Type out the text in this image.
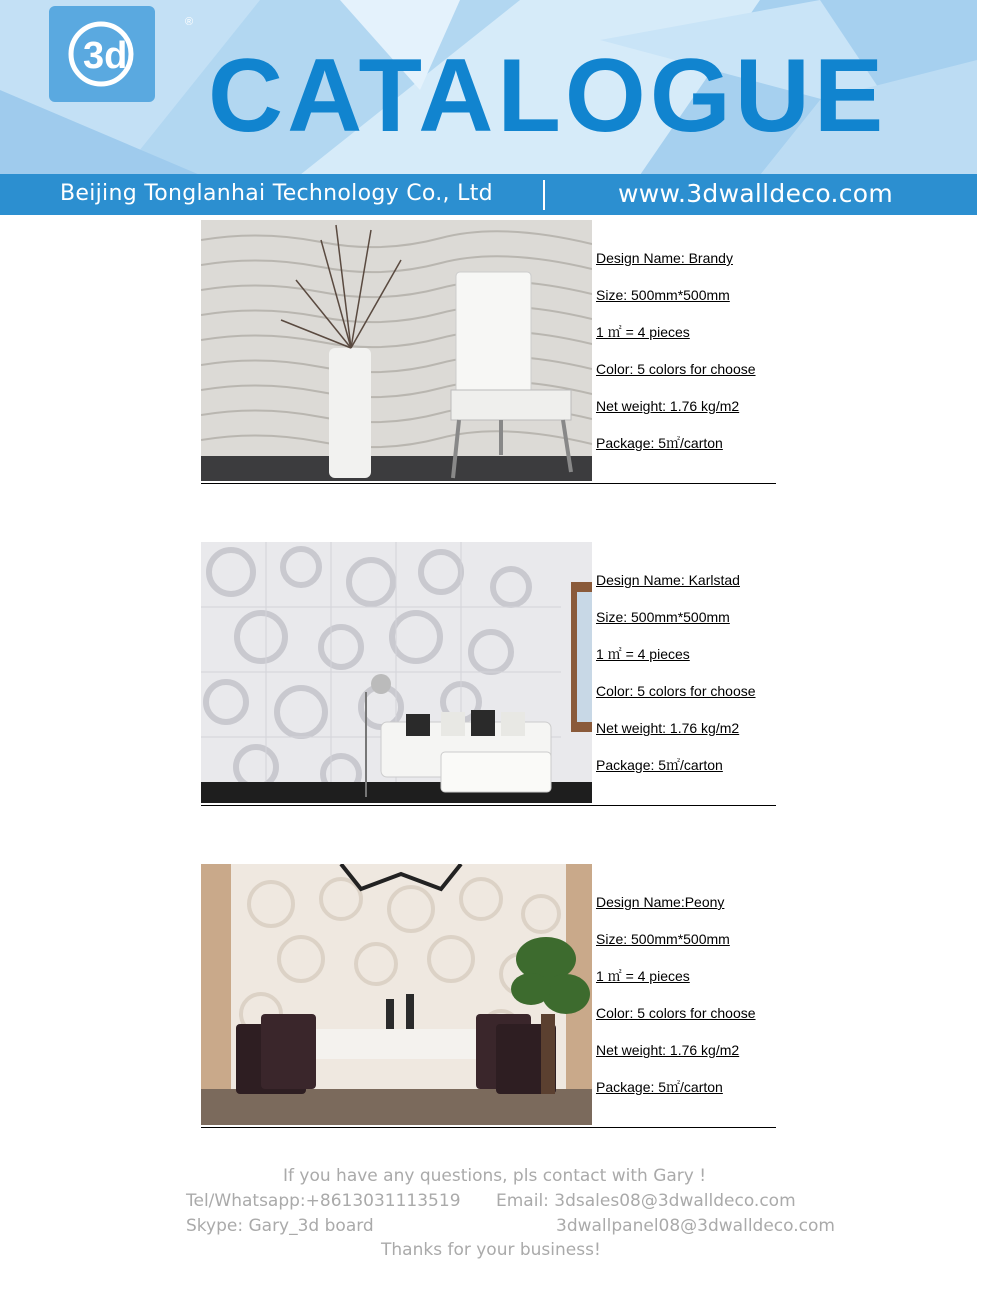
3d
®
CATALOGUE
Beijing Tonglanhai Technology Co., Ltd	www.3dwalldeco.com
Design Name: Brandy
Size: 500mm*500mm
1 ㎡ = 4 pieces
Color: 5 colors for choose
Net weight: 1.76 kg/m2
Package: 5㎡/carton
Design Name: Karlstad
Size: 500mm*500mm
1 ㎡ = 4 pieces
Color: 5 colors for choose
Net weight: 1.76 kg/m2
Package: 5㎡/carton
Design Name:Peony
Size: 500mm*500mm
1 ㎡ = 4 pieces
Color: 5 colors for choose
Net weight: 1.76 kg/m2
Package: 5㎡/carton
If you have any questions, pls contact with Gary !
Tel/Whatsapp:+8613031113519 Email: 3dsales08@3dwalldeco.com
Skype: Gary_3d board	3dwallpanel08@3dwalldeco.com
Thanks for your business!
